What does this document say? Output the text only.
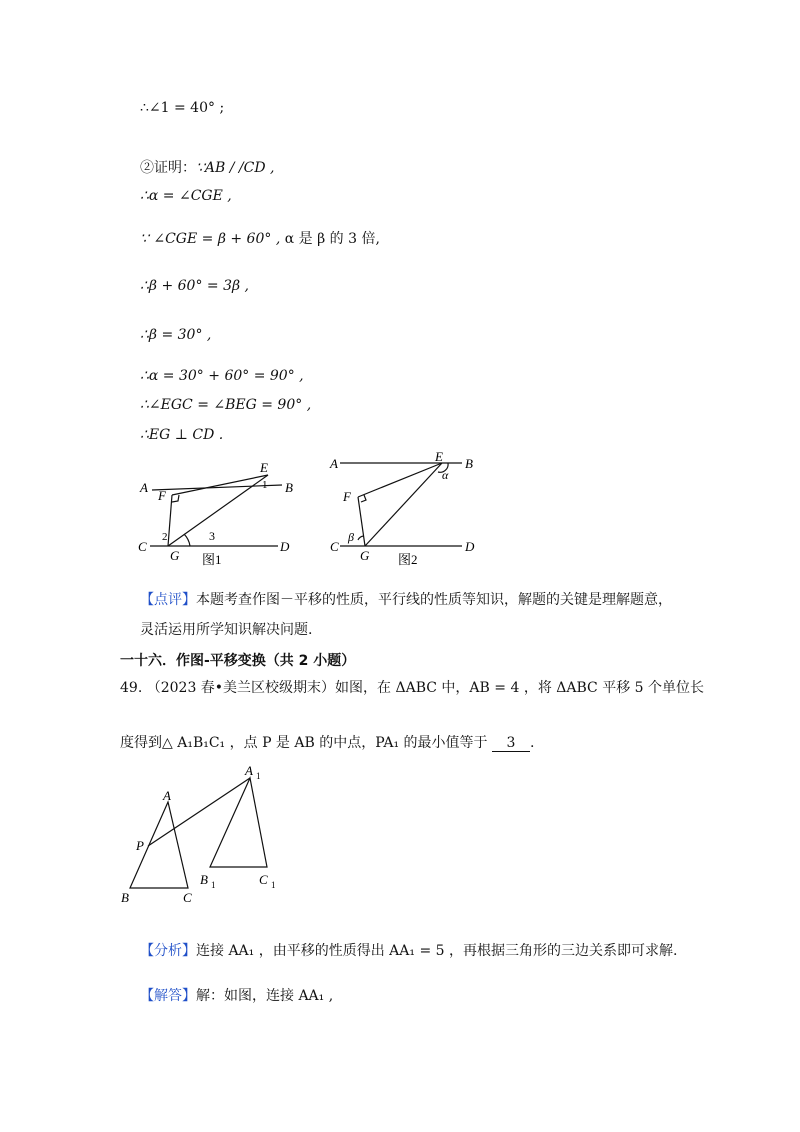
∴∠1 = 40° ;
②证明：∵AB / /CD ,
∴α = ∠CGE ,
∵ ∠CGE = β + 60° , α 是 β 的 3 倍,
∴β + 60° = 3β ,
∴β = 30° ,
∴α = 30° + 60° = 90° ,
∴∠EGC = ∠BEG = 90° ,
∴EG ⊥ CD .
A	B
C	D
E
F
G
1
2	3
图1
A	B
C	D
E
F
G
α
β
图2
【点评】本题考查作图－平移的性质，平行线的性质等知识，解题的关键是理解题意，
灵活运用所学知识解决问题.
一十六．作图-平移变换（共 2 小题）
49. （2023 春•美兰区校级期末）如图，在 ΔABC 中，AB = 4 ，将 ΔABC 平移 5 个单位长
度得到△ A₁B₁C₁ ，点 P 是 AB 的中点，PA₁ 的最小值等于 3 .
A
A 1
P
B	C
B 1	C 1
【分析】连接 AA₁ ，由平移的性质得出 AA₁ = 5 ，再根据三角形的三边关系即可求解.
【解答】解：如图，连接 AA₁ ,
